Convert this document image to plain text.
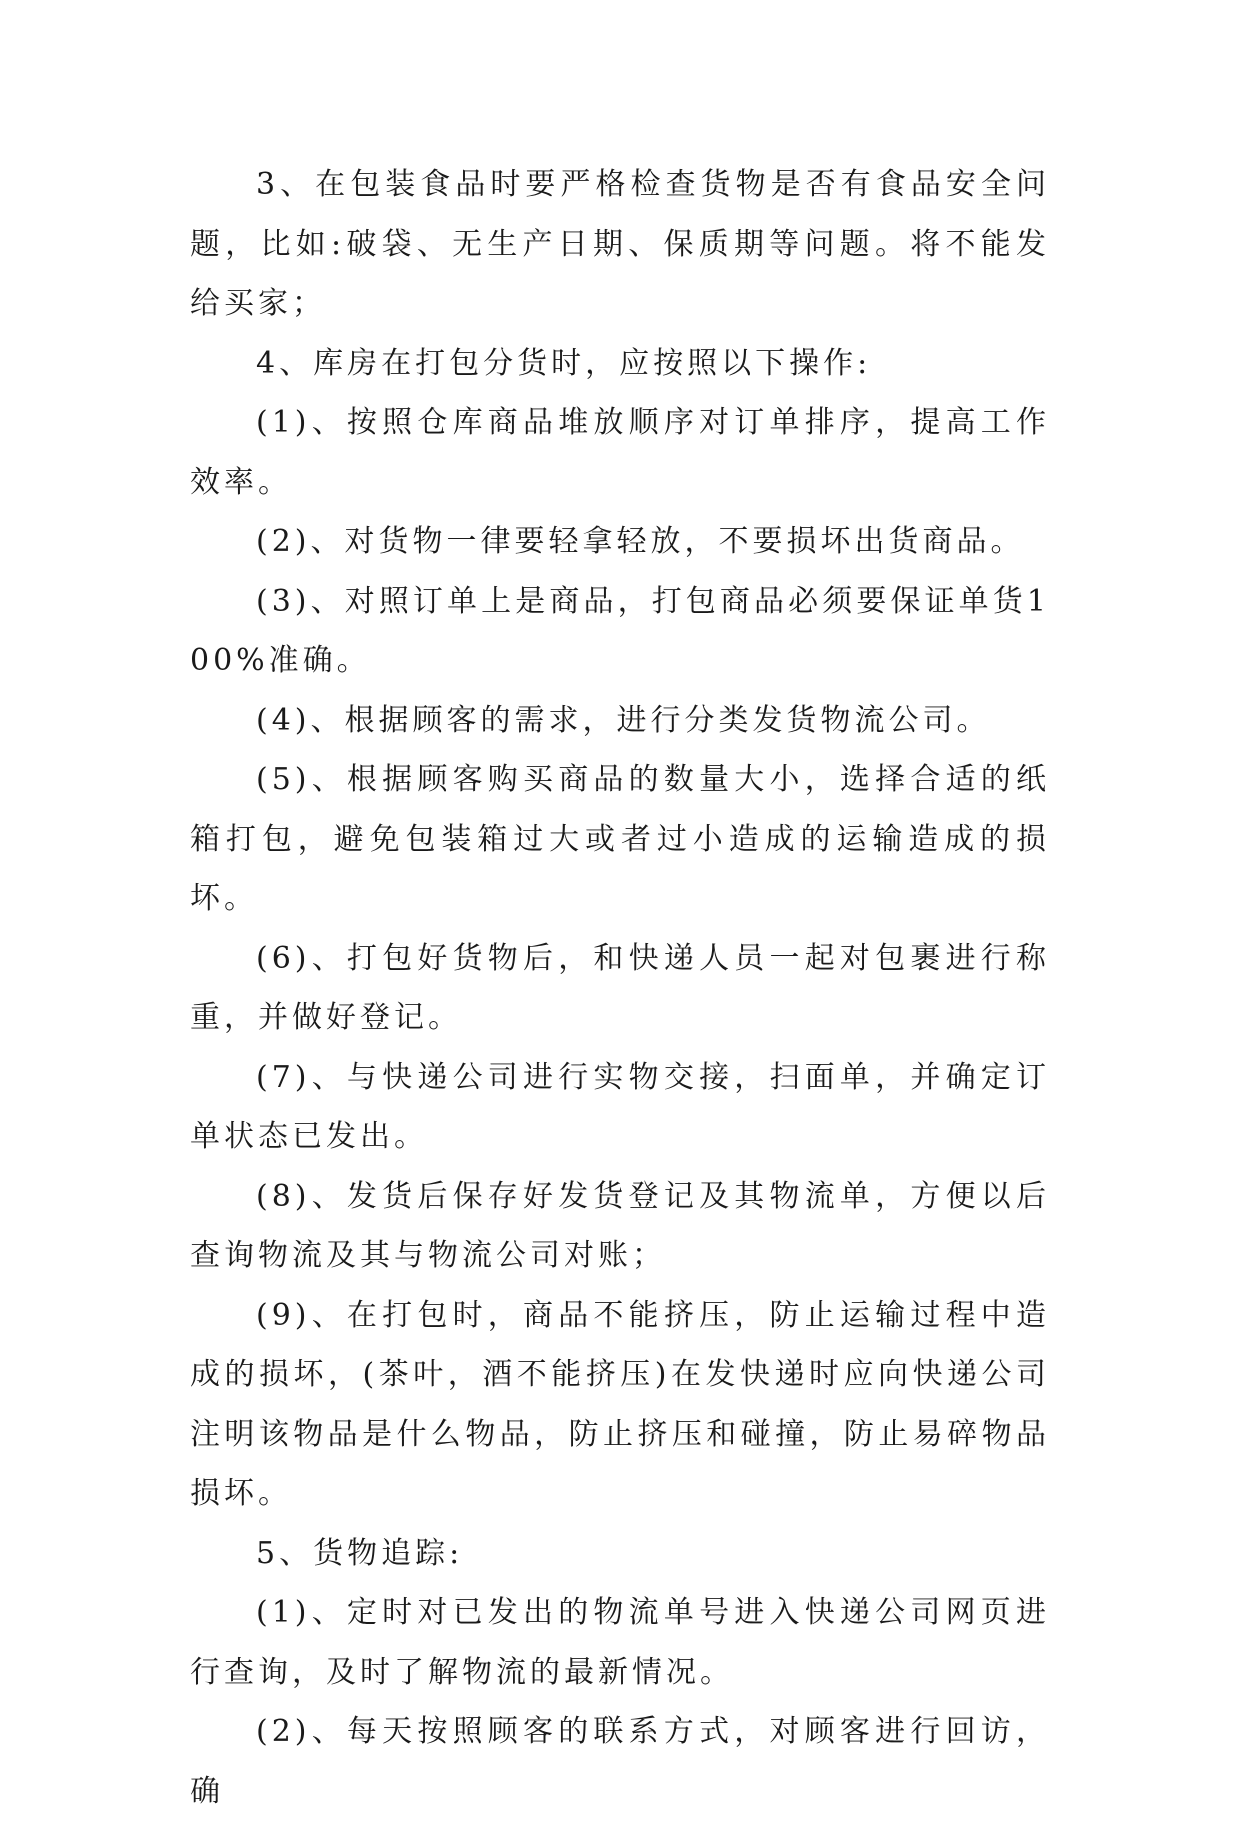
3、在包装食品时要严格检查货物是否有食品安全问题，比如:破袋、无生产日期、保质期等问题。将不能发给买家；

4、库房在打包分货时，应按照以下操作:

(1)、按照仓库商品堆放顺序对订单排序，提高工作效率。

(2)、对货物一律要轻拿轻放，不要损坏出货商品。

(3)、对照订单上是商品，打包商品必须要保证单货100%准确。

(4)、根据顾客的需求，进行分类发货物流公司。

(5)、根据顾客购买商品的数量大小，选择合适的纸箱打包，避免包装箱过大或者过小造成的运输造成的损坏。

(6)、打包好货物后，和快递人员一起对包裹进行称重，并做好登记。

(7)、与快递公司进行实物交接，扫面单，并确定订单状态已发出。

(8)、发货后保存好发货登记及其物流单，方便以后查询物流及其与物流公司对账；

(9)、在打包时，商品不能挤压，防止运输过程中造成的损坏，(茶叶，酒不能挤压)在发快递时应向快递公司注明该物品是什么物品，防止挤压和碰撞，防止易碎物品损坏。

5、货物追踪:

(1)、定时对已发出的物流单号进入快递公司网页进行查询，及时了解物流的最新情况。

(2)、每天按照顾客的联系方式，对顾客进行回访，确
